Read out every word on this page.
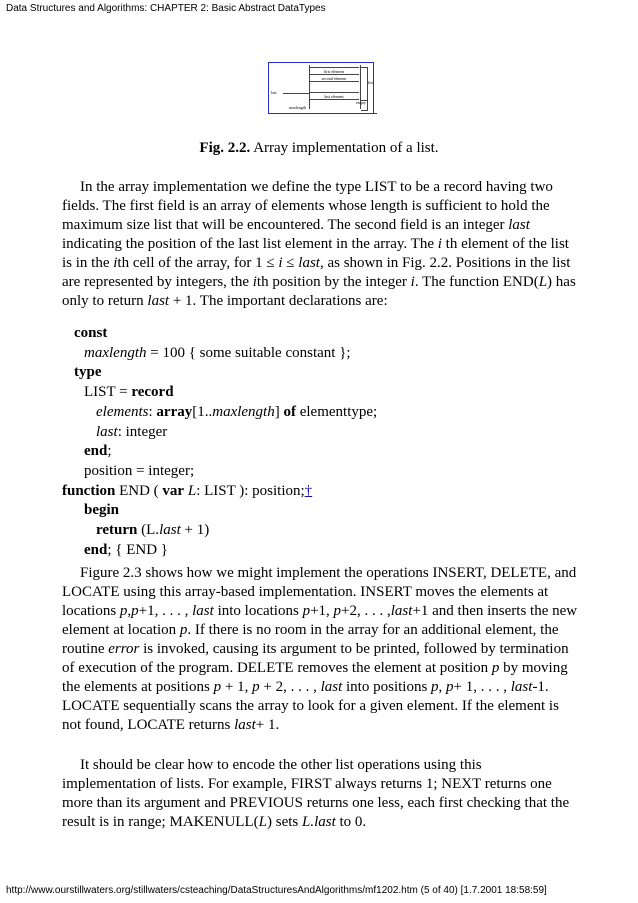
Data Structures and Algorithms: CHAPTER 2: Basic Abstract DataTypes
first element
second element
last element
list
empty
last
maxlength
Fig. 2.2. Array implementation of a list.

In the array implementation we define the type LIST to be a record having two fields. The first field is an array of elements whose length is sufficient to hold the maximum size list that will be encountered. The second field is an integer last indicating the position of the last list element in the array. The i th element of the list is in the ith cell of the array, for 1 ≤ i ≤ last, as shown in Fig. 2.2. Positions in the list are represented by integers, the ith position by the integer i. The function END(L) has only to return last + 1. The important declarations are:

const
maxlength = 100 { some suitable constant };
type
LIST = record
elements: array[1..maxlength] of elementtype;
last: integer
end;
position = integer;
function END ( var L: LIST ): position;†
begin
return (L.last + 1)
end; { END }

Figure 2.3 shows how we might implement the operations INSERT, DELETE, and LOCATE using this array-based implementation. INSERT moves the elements at locations p,p+1, . . . , last into locations p+1, p+2, . . . ,last+1 and then inserts the new element at location p. If there is no room in the array for an additional element, the routine error is invoked, causing its argument to be printed, followed by termination of execution of the program. DELETE removes the element at position p by moving the elements at positions p + 1, p + 2, . . . , last into positions p, p+ 1, . . . , last-1. LOCATE sequentially scans the array to look for a given element. If the element is not found, LOCATE returns last+ 1.

It should be clear how to encode the other list operations using this implementation of lists. For example, FIRST always returns 1; NEXT returns one more than its argument and PREVIOUS returns one less, each first checking that the result is in range; MAKENULL(L) sets L.last to 0.

http://www.ourstillwaters.org/stillwaters/csteaching/DataStructuresAndAlgorithms/mf1202.htm (5 of 40) [1.7.2001 18:58:59]
